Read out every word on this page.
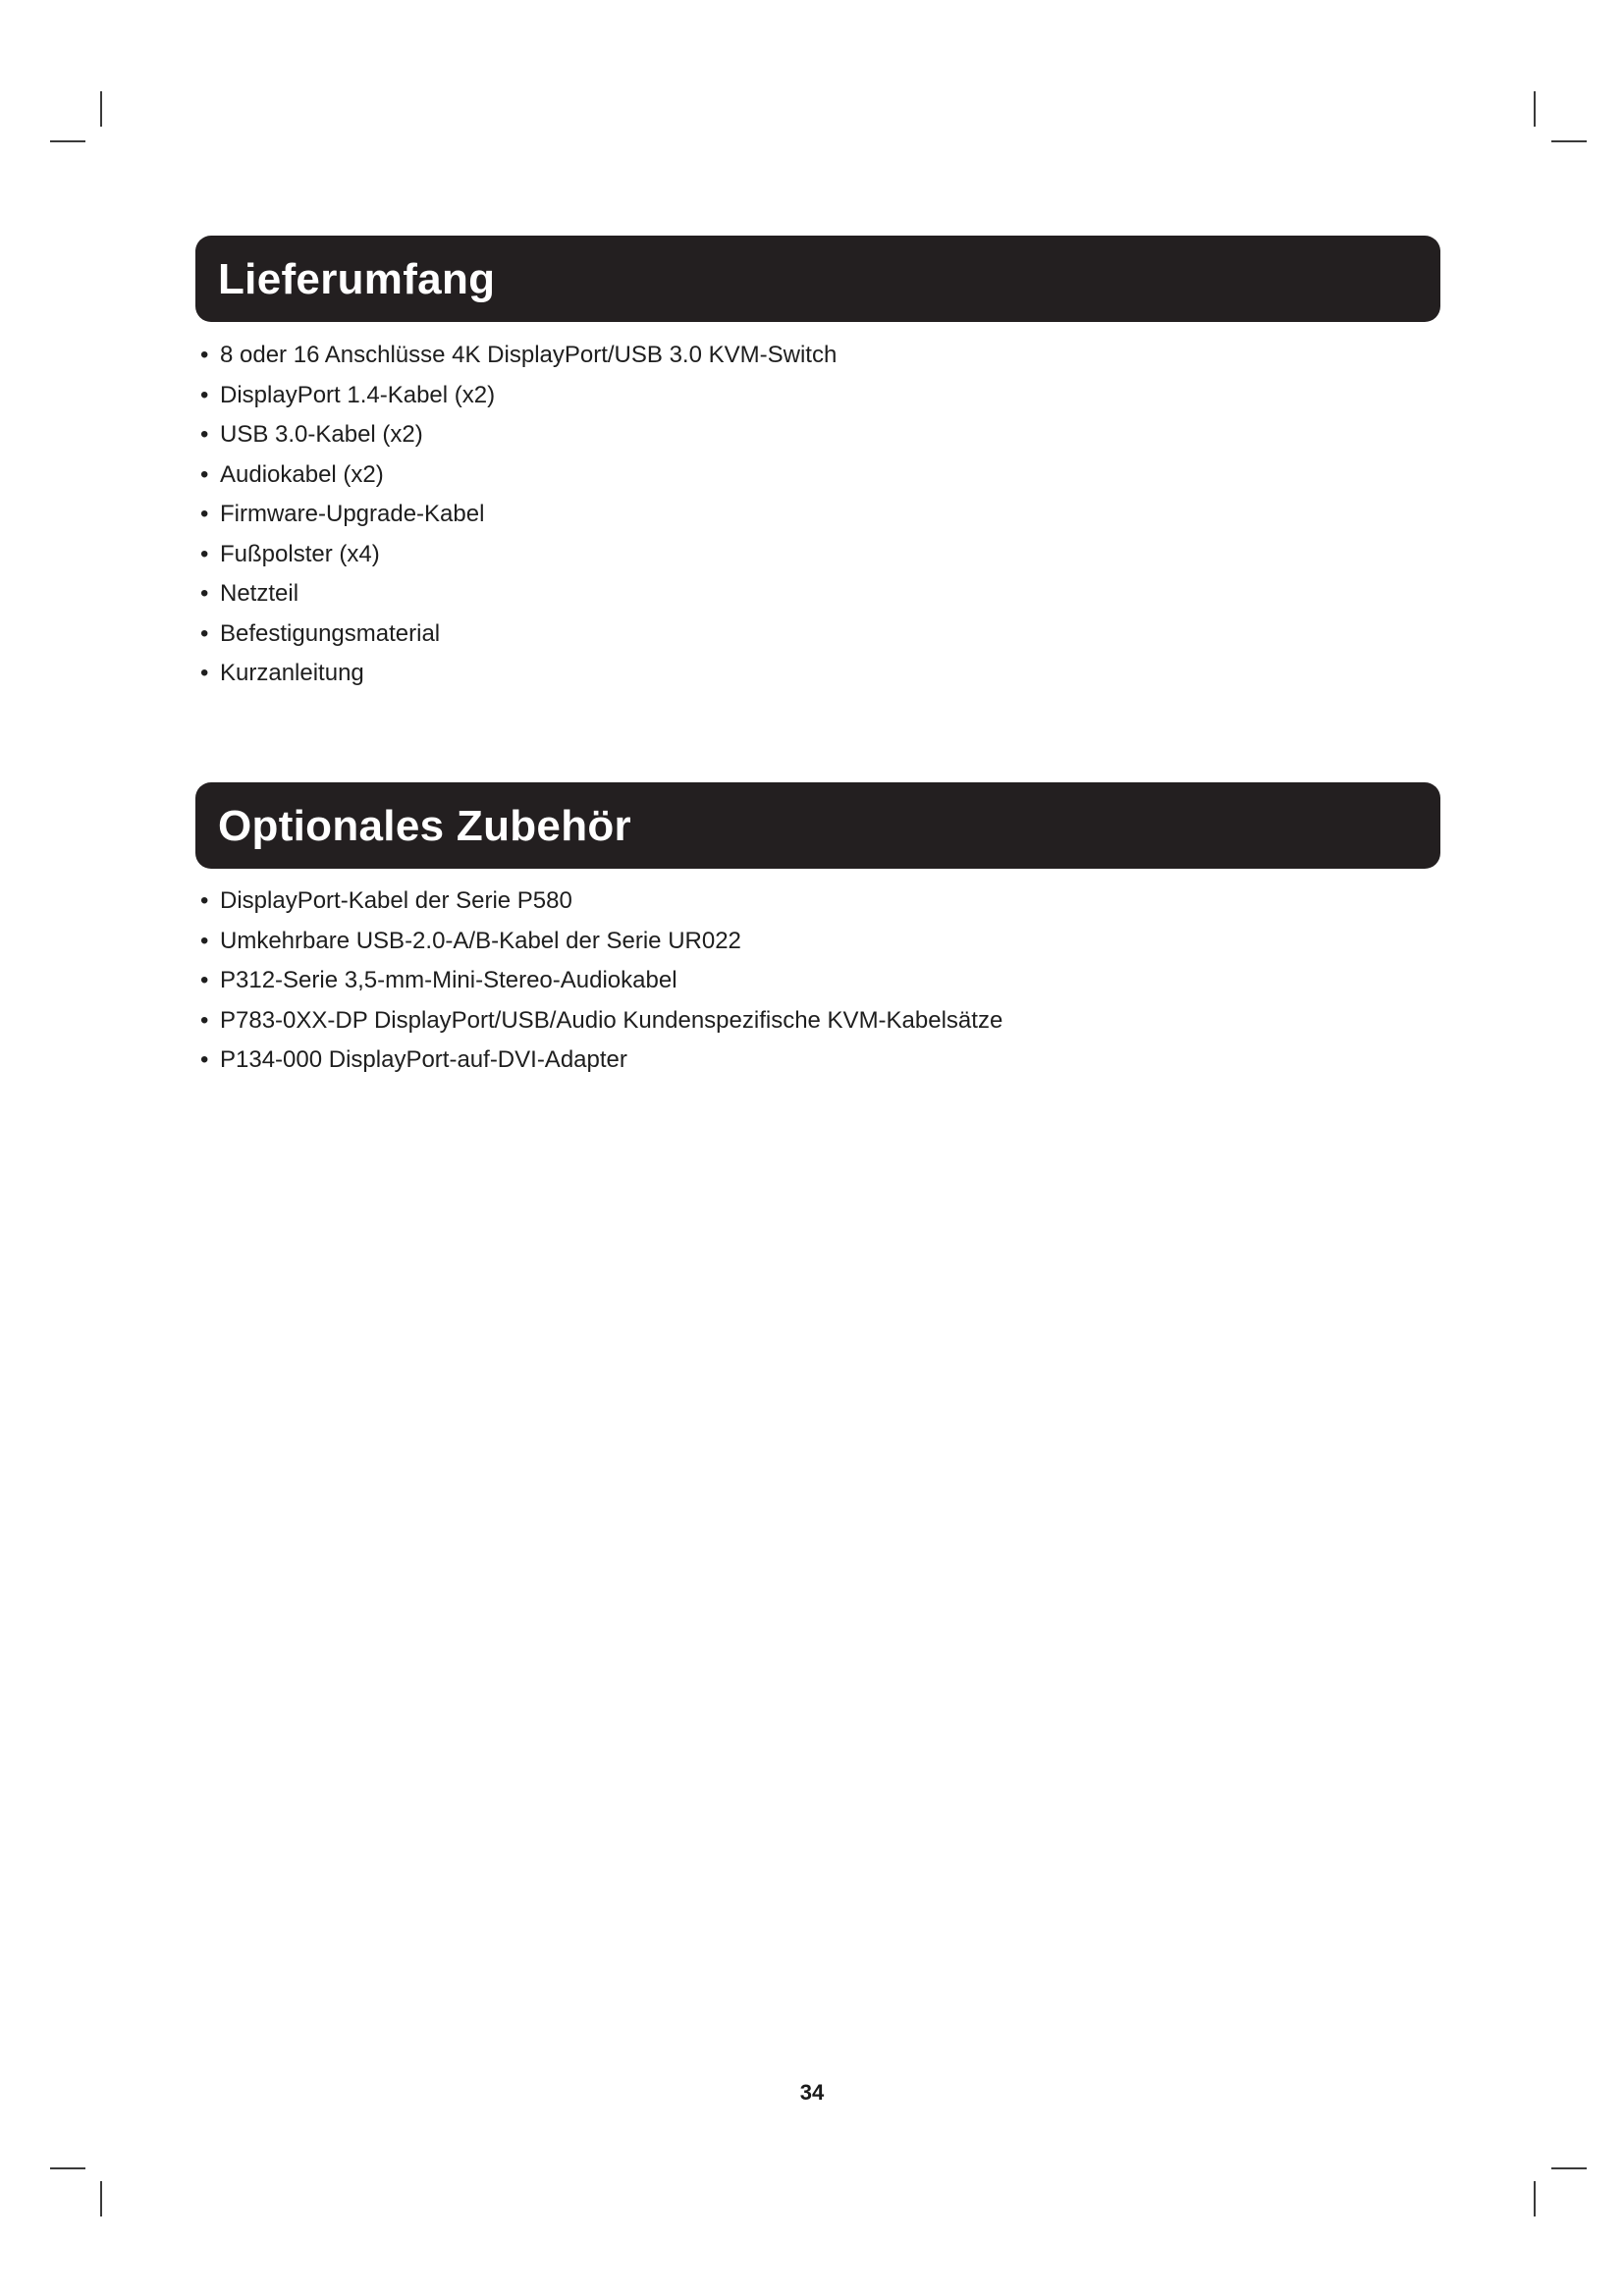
Lieferumfang
• 8 oder 16 Anschlüsse 4K DisplayPort/USB 3.0 KVM-Switch
• DisplayPort 1.4-Kabel (x2)
• USB 3.0-Kabel (x2)
• Audiokabel (x2)
• Firmware-Upgrade-Kabel
• Fußpolster (x4)
• Netzteil
• Befestigungsmaterial
• Kurzanleitung
Optionales Zubehör
• DisplayPort-Kabel der Serie P580
• Umkehrbare USB-2.0-A/B-Kabel der Serie UR022
• P312-Serie 3,5-mm-Mini-Stereo-Audiokabel
• P783-0XX-DP DisplayPort/USB/Audio Kundenspezifische KVM-Kabelsätze
• P134-000 DisplayPort-auf-DVI-Adapter
34
